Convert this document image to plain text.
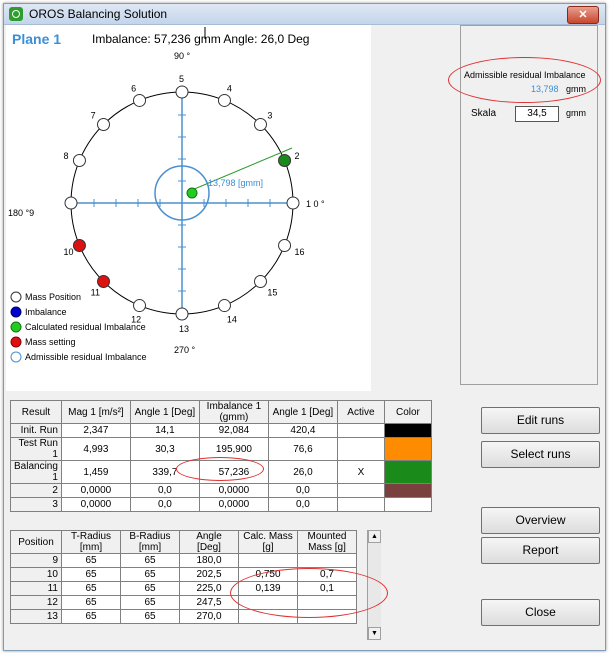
OROS Balancing Solution	✕
Plane 1	Imbalance: 57,236 gmm Angle: 26,0 Deg
13,798 [gmm]
2
3
4
5
6
7
8
10
11
12
13
14
15
16
90 °
180 °9
1 0 °
270 °
Mass Position
Imbalance
Calculated residual Imbalance
Mass setting
Admissible residual Imbalance
Admissible residual Imbalance
13,798 gmm
Skala	34,5	gmm
Result	Mag 1 [m/s²]	Angle 1 [Deg]	Imbalance 1 (gmm)	Angle 1 [Deg]	Active	Color
Init. Run	2,347	14,1	92,084	420,4		
Test Run 1	4,993	30,3	195,900	76,6		
Balancing 1	1,459	339,7	57,236	26,0	X	
2	0,0000	0,0	0,0000	0,0		
3	0,0000	0,0	0,0000	0,0		
Position	T-Radius [mm]	B-Radius [mm]	Angle [Deg]	Calc. Mass [g]	Mounted Mass [g]
9	65	65	180,0		
10	65	65	202,5	0,750	0,7
11	65	65	225,0	0,139	0,1
12	65	65	247,5		
13	65	65	270,0		
▲
▼
Edit runs
Select runs
Overview
Report
Close
